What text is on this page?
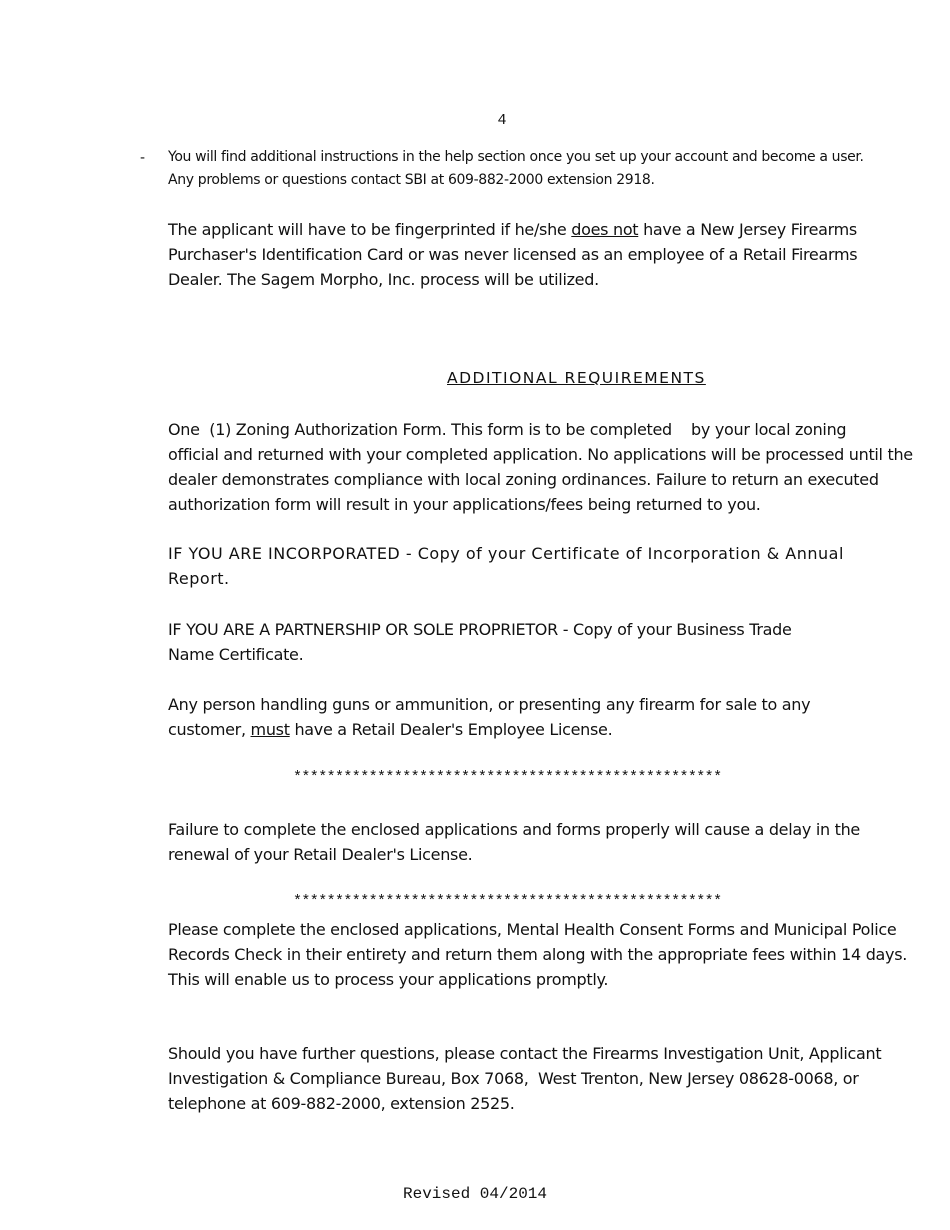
4
- You will find additional instructions in the help section once you set up your account and become a user.
Any problems or questions contact SBI at 609-882-2000 extension 2918.
The applicant will have to be fingerprinted if he/she does not have a New Jersey Firearms
Purchaser's Identification Card or was never licensed as an employee of a Retail Firearms
Dealer. The Sagem Morpho, Inc. process will be utilized.
ADDITIONAL REQUIREMENTS
One  (1) Zoning Authorization Form. This form is to be completed    by your local zoning
official and returned with your completed application. No applications will be processed until the
dealer demonstrates compliance with local zoning ordinances. Failure to return an executed
authorization form will result in your applications/fees being returned to you.
IF YOU ARE INCORPORATED - Copy of your Certificate of Incorporation & Annual
Report.
IF YOU ARE A PARTNERSHIP OR SOLE PROPRIETOR - Copy of your Business Trade
Name Certificate.
Any person handling guns or ammunition, or presenting any firearm for sale to any
customer, must have a Retail Dealer's Employee License.
***************************************************
Failure to complete the enclosed applications and forms properly will cause a delay in the
renewal of your Retail Dealer's License.
***************************************************
Please complete the enclosed applications, Mental Health Consent Forms and Municipal Police
Records Check in their entirety and return them along with the appropriate fees within 14 days.
This will enable us to process your applications promptly.
Should you have further questions, please contact the Firearms Investigation Unit, Applicant
Investigation & Compliance Bureau, Box 7068,  West Trenton, New Jersey 08628-0068, or
telephone at 609-882-2000, extension 2525.
Revised 04/2014
